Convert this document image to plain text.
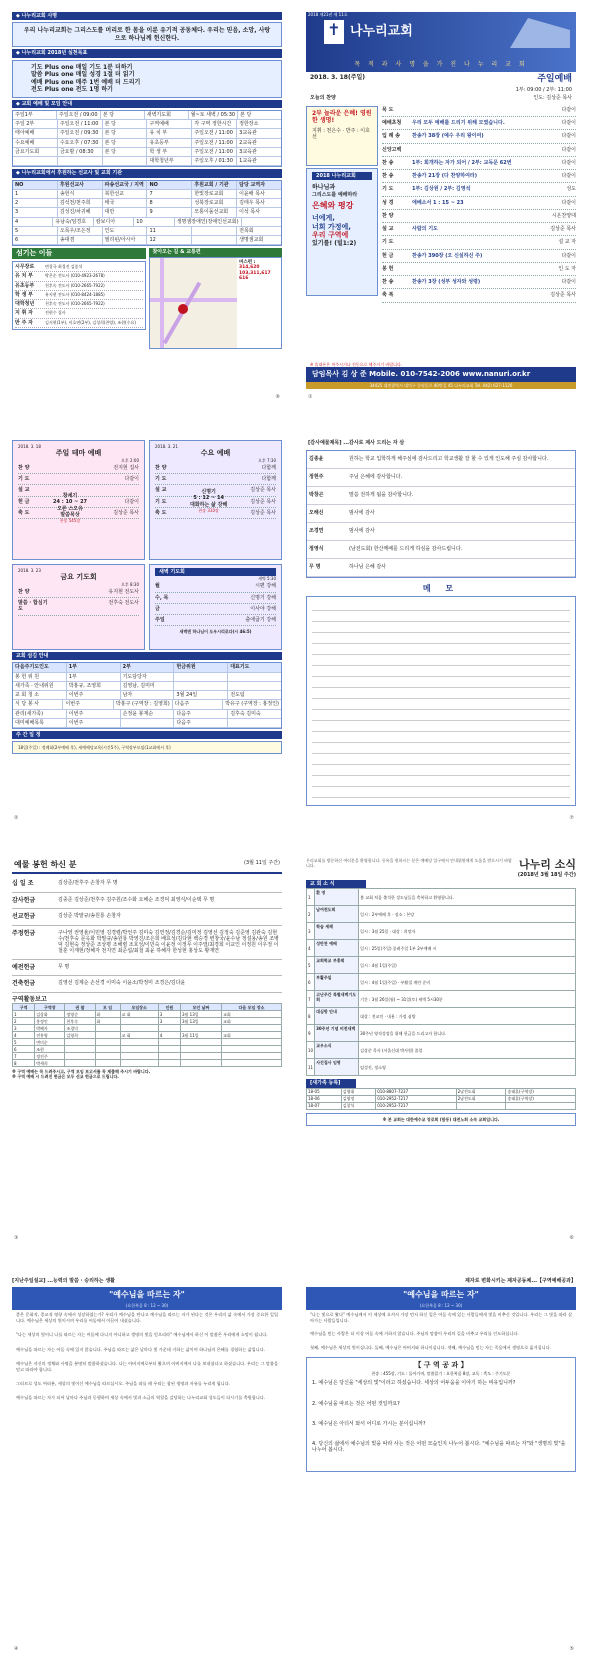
◆ 나누리교회 사명
우리 나누리교회는 그리스도를 머리로 한 몸을 이룬 유기적 공동체다. 우리는 믿음, 소망, 사랑으로 하나님께 헌신한다.
◆ 나누리교회 2018년 실천목표
기도 Plus one 매일 기도 1분 더하기
말씀 Plus one 매일 성경 1절 더 읽기
예배 Plus one 매주 1번 예배 더 드리기
전도 Plus one 전도 1명 하기
◆ 교회 예배 및 모임 안내
주일1부	주일오전 / 09:00	본 당	새벽기도회	월~토 새벽 / 05:30	본 당
주일 2부	주일오전 / 11:00	본 당	구역예배	각 구역 정한시간	정한장소
태아예배	주일오전 / 09:30	본 당	유 치 부	주일오전 / 11:00	3교육관
수요예배	수요오후 / 07:30	본 당	유초등부	주일오전 / 11:00	2교육관
금요기도회	금요밤 / 08:30	본 당	학 생 부	주일오전 / 11:00	3교육관
대학청년부	주일오후 / 01:30	1교육관
◆ 나누리교회에서 후원하는 선교사 및 교회 기관
NO	후원선교사	파송선교국 / 지역	NO	후원교회 / 기관	담당 교역자
1	송헌식	북한선교	7	한빛장로교회	이윤배 목사
2	김석천/천주희	태국	8	성북장로교회	김태우 목사
3	김성진/차귀혜	대만	9	모퉁이돌선교회	이석 목사
4	유남숙/임경호	캄보디아	10	생명샘장애인(장애인선교회)
5	오목우/조은정	인도	11	전목회
6	송대겸	필리핀/아시아	12	생명샘교회
섬기는 이들
시무장로	변창국 최경진 김종석
유 치 부	박은순 전도사 (010-4923-2678)
유초등부	천후숙 전도사 (010-2665-7922)
학 생 부	유지현 전도사 (010-8424-1885)
대학청년	천후숙 전도사 (010-2665-7922)
지 휘 자	전현수 집사
반 주 자	김서현(1부), 이호연(2부), 김성희(찬양), 조현(수요)
찾아오는 길 & 교통편
버스편 :
314,620
103,311,617
616
⑧
2018 제21권 제 11호
✝ 나누리교회
목 적 과 사 명 을 가 진 나 누 리 교 회
2018. 3. 18(주일)	주일예배
1부: 09:00 / 2부: 11:00
오늘의 찬양	인도: 김상준 목사
2부 놀라운 은혜! 영원한 생명!
지휘 : 천은수 · 반주 : 이호선
2018 나누리교회
하나님과
그리스도를 예배하라
은혜와 평강
너에게,
너희 가정에,
우리 구역에
있기를! (빌1:2)
묵 도	다같이
예배초청	우리 모두 예배를 드리기 위해 모였습니다.	다같이
입 례 송	찬송가 38장 (예수 우리 왕이여)	다같이
신앙고백	다같이
찬 송	1부: 회개하는 자가 되어 / 2부: 교독문 62번	다같이
찬 송	찬송가 21장 (다 찬양하여라)	다같이
기 도	1부: 김상원 / 2부: 김영석	성도
성 경	에베소서 1 : 15 ~ 23	다같이
찬 양	시온찬양대
설 교	사람의 기도	김상준 목사
기 도	설 교 자
헌 금	찬송가 390장 (오 신실하신 주)	다같이
봉 헌	인 도 자
찬 송	찬송가 3장 (성부 성자와 성령)	다같이
축 복	김상준 목사
※ 휴대폰은 꺼주시거나 진동으로 해주시기 바랍니다.
담임목사 김 상 준 Mobile. 010-7542-2006 www.nanuri.or.kr
34425 대전광역시 대덕구 중리동로 40번길 45 나누리교회 Tel. 042) 627-1126
①
2018. 3. 18
주일 테마 예배
오후 2:00
찬 양	전지현 집사
기 도	다같이
설 교
헌 금	다같이
축 도	김상준 목사
창세기
24 : 10 ~ 27
오른 스오유
말씀묵상
찬송 545장
2018. 3. 21
수요 예배
오후 7:30
찬 양	다함께
기 도	다함께
설 교	김상준 목사
기 도	김상준 목사
축 도	김상준 목사
신명기
5 : 12 ~ 14
대화하는 삶 강해
찬송 310장
2018. 3. 23
금요 기도회
오후 8:30
찬 양	유지현 전도사
말씀 · 합심기도
전후숙 전도사
새벽 기도회
새벽 5:30
월	시편 강해
수, 목	신명기 강해
금	이사야 강해
주일	출애굽기 강해
새벽엔 하나님이 도우시리로다(시 46:5)
교회 섬김 안내
다음주기도인도	1부	2부	헌금위원	대표기도
봉 헌 위 원	1부	기도담당자
새가족 · 안내위원	박홍규, 조영희	김영남, 김미미
교 회 청 소	이번주	남자	3월 24일	전도팀
식 당 봉 사	이번주	박홍구 (구역장 : 김영희)	다음주	박유구 (구역장 : 홍정인)
관리(새가족)	이번주	손정윤 봉재순	다음주	김후숙 김미숙
대미예배목록	이번주	다음주
주 간 일 정
18일(주일) : 정례회(2부예배 후), 새예배당교육(시간5주), 구역장부모임(1교회에서 후)
②
[감사예물제목] ...감사로 제사 드리는 자 삼
김종윤	원하는 학교 입학하게 해주심에 감사드리고 학교생활 잘 할 수 있게 인도해 주심 감사합니다.
정현주	주님 은혜에 감사합니다.
박창곤	말씀 전하게 됨을 감사합니다.
오해신	범사에 감사
조경연	범사에 감사
정영식	(남전도회) 한산께배를 드리게 하심을 감사드립니다.
무 명	하나님 은혜 감사
메 모
⑦
예물 봉헌 하신 분	(3월 11일 주간)
십 일 조	김상준/천후주 손창자 무 명
감사헌금	김종준 김상준/천후주 김주원/조수화 오해순 조경덕 최영식/이순택 무 명
선교헌금	김상준 박말규/송원룡 손창자
주정헌금	구나영 권영율/이민영 김경렬/박언주 김미숙 김연정/김경순/김미정 김영선 김정숙 김준영 김관숙 김현수/천후숙 문옥화 박말규/송원룡 박영진/조은희 배효성/김다현 백승경 변창국/윤수남 정설용/송원 조병덕 김현숙 정상준 조상평 조해렬 조호성/이민숙 이윤정 이정무 이주열/최경희 이교인 이정원 이우정 이철훈 이재현/정혜자 천지연 최준섭/최철 최윤 하혜자 한성현 홍상도 황재연
예전헌금	무 명
건축헌금	김영선 김제순 손선경 이미숙 이윤소/박정미 조경은/김다윤
구역활동보고
구역	구역장	권 찰	모 임	모임장소	인원	모인 날짜	다음 모임 장소
1	김상화	정영순	화	교 회	3	3월 13일	교회
2	홍정인	천후숙	화		3	3월 13일	교회
3	박혜자	조경덕					
4	전홍영	김영희		교 회	4	3월 11일	교회
5	변미순						
6	조현						
7	정진주						
8	박세희						
※ 구역 예배는 꼭 드려주시고, 구역 모임 보고서를 꼭 제출해 주시기 바랍니다.
※ 구역 예배 시 드려진 헌금은 모두 선교 헌금으로 드립니다.
③
우리교회를 방문하신 여러분을 환영합니다. 등록을 원하시는 분은 예배당 입구에서 안내위원에게 도움을 받으시기 바랍니다.	나누리 소식
(2018년 3월 18일 주간)
교 회 소 식
1	환 영	봄 교회 처음 출석한 성도님들을 축복하고 환영합니다.
2	남여전도회	일시 : 2부예배 후 · 장소 : 본당
3	학습 세례	일시 : 3월 25일 · 대상 : 희망자
4	성만찬 예배	일시 : 25일(주일) 종려주일 1부 2부예배 시
5	교회학교 부흥회	일시 : 4월 1일(주일)
6	부활주일	일시 : 4월 1일(주일) · 부활절 계란 준비
7	고난주간 특별새벽기도회	기간 : 3월 26일(월) ~ 31일(토) 새벽 5시30분
8	대심방 안내	대상 : 전교인 · 내용 : 가정 심방
9	30주년 기념 비전새벽	30주년 영적성장을 위해 헌금을 드리고자 합니다.
10	교우소식	김상준 목사 (서울신대 박사원) 졸업
11	사진집사 임명	임성진, 정소영
[새가족 등록]
18-05	김영대	010-8807-7237	2남전도회	송태훈(구역장)
18-06	김영정	010-2952-7217	2남전도회	송태훈(구역장)
18-07	김창석	010-2952-7217		
※ 본 교회는 대한예수교 장로회 (합동) 대전노회 소속 교회입니다.
⑥
[지난주일설교] ...능력의 말씀 · 승리하는 생활
"예수님을 따르는 자"
(요한복음 8 : 12 ~ 30)

좋은 문화적, 종교적 영향 속에서 성장하였는가? 우리가 예수님을 만나고 예수님을 따르는 자가 된다는 것은 우리의 삶 속에서 가장 중요한 일입니다. 예수님은 세상의 빛이시며 우리를 어둠에서 이끌어 내셨습니다.

"나는 세상의 빛이니 나를 따르는 자는 어둠에 다니지 아니하고 생명의 빛을 얻으리라" 예수님께서 하신 이 말씀은 우리에게 소망이 됩니다.

예수님을 따르는 자는 어둠 속에 있지 않습니다. 주님을 따르는 삶은 날마다 빛 가운데 거하는 삶이며 하나님의 은혜를 경험하는 삶입니다.

예수님은 자신의 정체와 사명을 분명히 말씀하셨습니다. 나는 아버지께로부터 왔으며 아버지께서 나를 보내셨다고 하셨습니다. 우리는 그 말씀을 믿고 따라야 합니다.

그러므로 성도 여러분, 세상의 빛이신 예수님을 따르십시오. 주님을 따를 때 우리는 참된 생명과 자유를 누리게 됩니다.

예수님을 따르는 자가 되어 날마다 주님과 동행하며 세상 속에서 빛과 소금의 역할을 감당하는 나누리교회 성도들이 되시기를 축원합니다.

④
제자로 변화시키는 제자공동체...【구역예배공과】
"예수님을 따르는 자"
(요한복음 8 : 12 ~ 30)

"나는 빛으로 왔다" 예수님께서 이 세상에 오셔서 가장 먼저 하신 일은 어둠 속에 있는 사람들에게 빛을 비추신 것입니다. 우리는 그 빛을 따라 살아가는 사람들입니다.

예수님을 믿는 사람은 더 이상 어둠 속에 거하지 않습니다. 주님의 말씀이 우리의 길을 비추고 우리를 인도하십니다.

첫째, 예수님은 세상의 빛이십니다. 둘째, 예수님은 아버지와 하나이십니다. 셋째, 예수님을 믿는 자는 죽음에서 생명으로 옮겨집니다.

【 구 역 공 과 】
찬송 : 455장, 기도 : 돌아가며, 말씀읽기 : 요한복음 8장, 교독 : 축도 : 주기도문
1. 예수님은 당신을 "세상의 빛"이라고 하셨습니다. 세상의 어두움을 이야기 하는 비유입니까?
2. 예수님을 따르는 것은 어떤 것일까요?
3. 예수님은 아더서 와서 어디로 가시는 분이십니까?
4. 당신의 삶에서 예수님의 빛을 따라 사는 것은 어떤 모습인지 나누어 봅시다. "예수님을 따르는 자"와 "생명의 빛"을 나누어 봅시다.
⑤
